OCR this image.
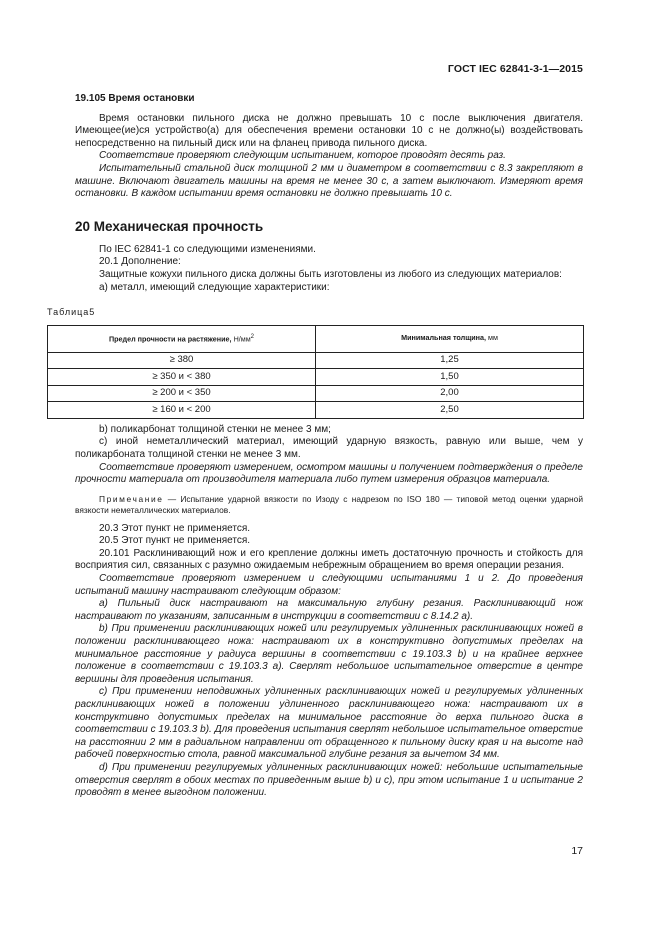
ГОСТ IEC 62841-3-1—2015

19.105 Время остановки

Время остановки пильного диска не должно превышать 10 с после выключения двигателя. Имеющее(ие)ся устройство(а) для обеспечения времени остановки 10 с не должно(ы) воздействовать непосредственно на пильный диск или на фланец привода пильного диска.

Соответствие проверяют следующим испытанием, которое проводят десять раз.

Испытательный стальной диск толщиной 2 мм и диаметром в соответствии с 8.3 закрепляют в машине. Включают двигатель машины на время не менее 30 с, а затем выключают. Измеряют время остановки. В каждом испытании время остановки не должно превышать 10 с.

20 Механическая прочность

По IEC 62841-1 со следующими изменениями.

20.1 Дополнение:

Защитные кожухи пильного диска должны быть изготовлены из любого из следующих материалов:

а) металл, имеющий следующие характеристики:

Таблица5

Предел прочности на растяжение, $Н/мм^2$	Минимальная толщина, мм
≥ 380	1,25
≥ 350 и < 380	1,50
≥ 200 и < 350	2,00
≥ 160 и < 200	2,50

b) поликарбонат толщиной стенки не менее 3 мм;

с) иной неметаллический материал, имеющий ударную вязкость, равную или выше, чем у поликарбоната толщиной стенки не менее 3 мм.

Соответствие проверяют измерением, осмотром машины и получением подтверждения о пределе прочности материала от производителя материала либо путем измерения образцов материала.

Примечание — Испытание ударной вязкости по Изоду с надрезом по ISO 180 — типовой метод оценки ударной вязкости неметаллических материалов.

20.3 Этот пункт не применяется.

20.5 Этот пункт не применяется.

20.101 Расклинивающий нож и его крепление должны иметь достаточную прочность и стойкость для восприятия сил, связанных с разумно ожидаемым небрежным обращением во время операции резания.

Соответствие проверяют измерением и следующими испытаниями 1 и 2. До проведения испытаний машину настраивают следующим образом:

а) Пильный диск настраивают на максимальную глубину резания. Расклинивающий нож настраивают по указаниям, записанным в инструкции в соответствии с 8.14.2 а).

b) При применении расклинивающих ножей или регулируемых удлиненных расклинивающих ножей в положении расклинивающего ножа: настраивают их в конструктивно допустимых пределах на минимальное расстояние у радиуса вершины в соответствии с 19.103.3 b) и на крайнее верхнее положение в соответствии с 19.103.3 а). Сверлят небольшое испытательное отверстие в центре вершины для проведения испытания.

с) При применении неподвижных удлиненных расклинивающих ножей и регулируемых удлиненных расклинивающих ножей в положении удлиненного расклинивающего ножа: настраивают их в конструктивно допустимых пределах на минимальное расстояние до верха пильного диска в соответствии с 19.103.3 b). Для проведения испытания сверлят небольшое испытательное отверстие на расстоянии 2 мм в радиальном направлении от обращенного к пильному диску края и на высоте над рабочей поверхностью стола, равной максимальной глубине резания за вычетом 34 мм.

d) При применении регулируемых удлиненных расклинивающих ножей: небольшие испытательные отверстия сверлят в обоих местах по приведенным выше b) и с), при этом испытание 1 и испытание 2 проводят в менее выгодном положении.

17
